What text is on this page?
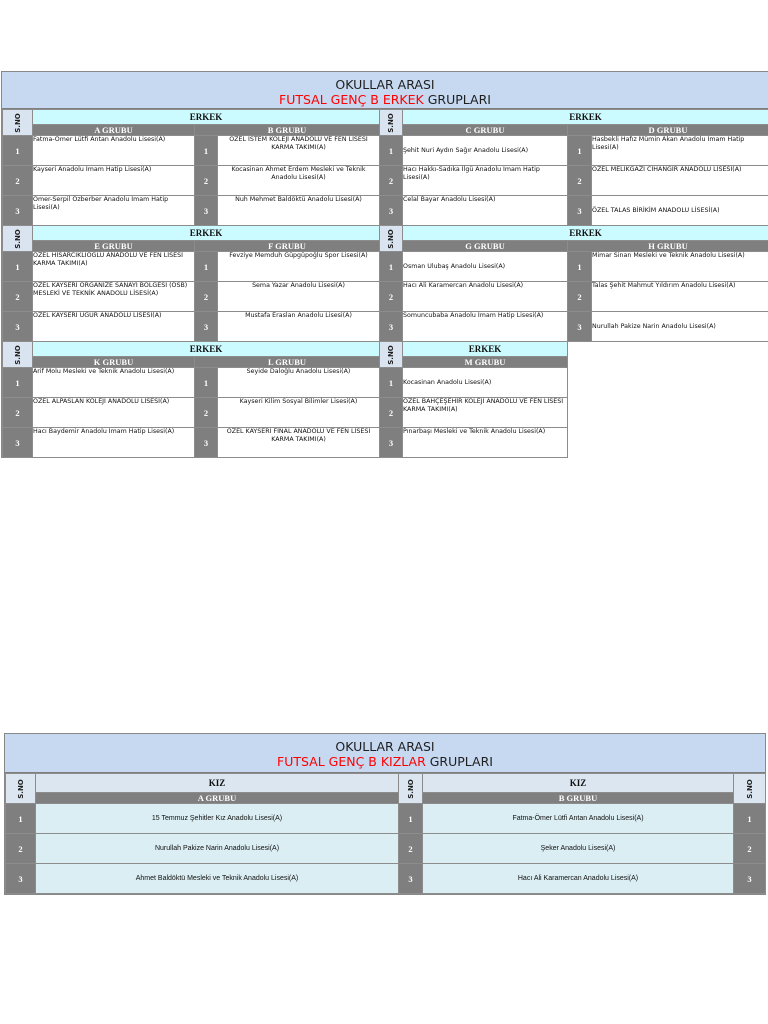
OKULLAR ARASI
FUTSAL GENÇ B ERKEK GRUPLARI
S.NO	ERKEK			S.NO	ERKEK		
	A GRUBU	B GRUBU			C GRUBU	D GRUBU	
1	Fatma-Ömer Lütfi Antan Anadolu Lisesi(A)	1	ÖZEL İSTEM KOLEJİ ANADOLU VE FEN LİSESİ KARMA TAKIMI(A)	1	Şehit Nuri Aydın Sağır Anadolu Lisesi(A)	1	Hasbekli Hafız Mümin Akan Anadolu İmam Hatip Lisesi(A)
2	Kayseri Anadolu İmam Hatip Lisesi(A)	2	Kocasinan Ahmet Erdem Mesleki ve Teknik Anadolu Lisesi(A)	2	Hacı Hakkı-Sadıka İlgü Anadolu İmam Hatip Lisesi(A)	2	ÖZEL MELİKGAZİ CİHANGİR ANADOLU LİSESİ(A)
3	Ömer-Serpil Özberber Anadolu İmam Hatip Lisesi(A)	3	Nuh Mehmet Baldöktü Anadolu Lisesi(A)	3	Celal Bayar Anadolu Lisesi(A)	3	ÖZEL TALAS BİRİKİM ANADOLU LİSESİ(A)

S.NO	ERKEK			S.NO	ERKEK		
	E GRUBU	F GRUBU			G GRUBU	H GRUBU	
1	ÖZEL HİSARCIKLIOĞLU ANADOLU VE FEN LİSESİ KARMA TAKIMI(A)	1	Fevziye Memduh Güpgüpoğlu Spor Lisesi(A)	1	Osman Ulubaş Anadolu Lisesi(A)	1	Mimar Sinan Mesleki ve Teknik Anadolu Lisesi(A)
2	ÖZEL KAYSERİ ORGANİZE SANAYİ BÖLGESİ (OSB) MESLEKİ VE TEKNİK ANADOLU LİSESİ(A)	2	Sema Yazar Anadolu Lisesi(A)	2	Hacı Ali Karamercan Anadolu Lisesi(A)	2	Talas Şehit Mahmut Yıldırım Anadolu Lisesi(A)
3	ÖZEL KAYSERİ UĞUR ANADOLU LİSESİ(A)	3	Mustafa Eraslan Anadolu Lisesi(A)	3	Somuncubaba Anadolu İmam Hatip Lisesi(A)	3	Nurullah Pakize Narin Anadolu Lisesi(A)

S.NO	ERKEK			S.NO	ERKEK		
	K GRUBU	L GRUBU			M GRUBU		
1	Arif Molu Mesleki ve Teknik Anadolu Lisesi(A)	1	Seyide Daloğlu Anadolu Lisesi(A)	1	Kocasinan Anadolu Lisesi(A)		
2	ÖZEL ALPASLAN KOLEJİ ANADOLU LİSESİ(A)	2	Kayseri Kilim Sosyal Bilimler Lisesi(A)	2	ÖZEL BAHÇEŞEHİR KOLEJİ ANADOLU VE FEN LİSESİ KARMA TAKIMI(A)		
3	Hacı Baydemir Anadolu İmam Hatip Lisesi(A)	3	ÖZEL KAYSERİ FİNAL ANADOLU VE FEN LİSESİ KARMA TAKIMI(A)	3	Pınarbaşı Mesleki ve Teknik Anadolu Lisesi(A)		
OKULLAR ARASI
FUTSAL GENÇ B KIZLAR GRUPLARI
S.NO	KIZ	S.NO	KIZ	S.NO

	A GRUBU		B GRUBU	
1	15 Temmuz Şehitler Kız Anadolu Lisesi(A)	1	Fatma-Ömer Lütfi Antan Anadolu Lisesi(A)	1
2	Nurullah Pakize Narin Anadolu Lisesi(A)	2	Şeker Anadolu Lisesi(A)	2
3	Ahmet Baldöktü Mesleki ve Teknik Anadolu Lisesi(A)	3	Hacı Ali Karamercan Anadolu Lisesi(A)	3
